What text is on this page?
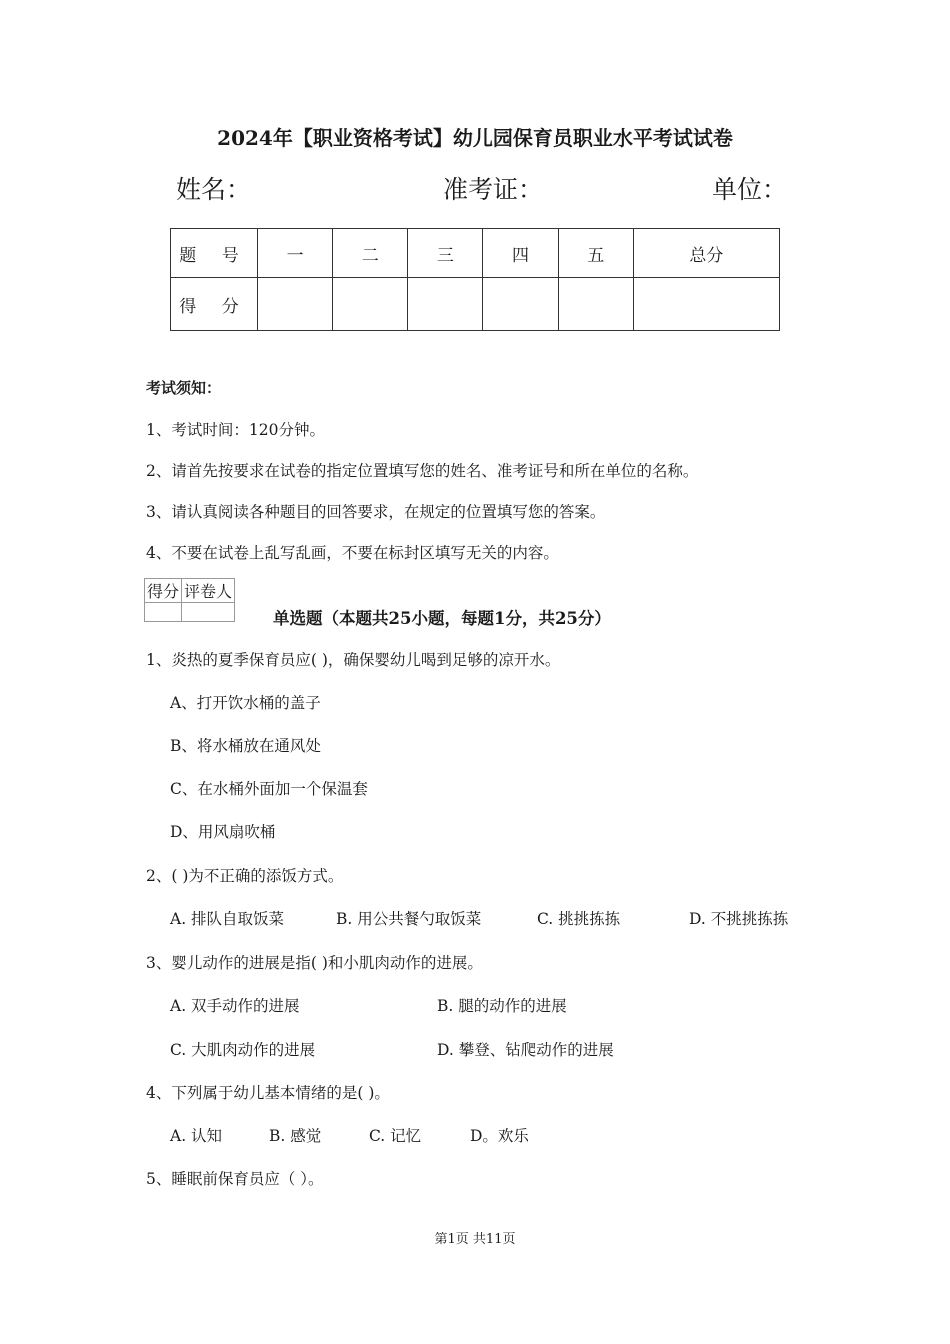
2024年【职业资格考试】幼儿园保育员职业水平考试试卷
姓名：	准考证：	单位：
题 号	一	二	三	四	五	总分
得 分						
考试须知：
1、考试时间：120分钟。
2、请首先按要求在试卷的指定位置填写您的姓名、准考证号和所在单位的名称。
3、请认真阅读各种题目的回答要求，在规定的位置填写您的答案。
4、不要在试卷上乱写乱画，不要在标封区填写无关的内容。
得分	评卷人

单选题（本题共25小题，每题1分，共25分）
1、炎热的夏季保育员应( )，确保婴幼儿喝到足够的凉开水。
A、打开饮水桶的盖子
B、将水桶放在通风处
C、在水桶外面加一个保温套
D、用风扇吹桶
2、( )为不正确的添饭方式。
A. 排队自取饭菜	B. 用公共餐勺取饭菜	C. 挑挑拣拣	D. 不挑挑拣拣
3、婴儿动作的进展是指( )和小肌肉动作的进展。
A. 双手动作的进展	B. 腿的动作的进展
C. 大肌肉动作的进展	D. 攀登、钻爬动作的进展
4、下列属于幼儿基本情绪的是( )。
A. 认知	B. 感觉	C. 记忆	D。欢乐
5、睡眠前保育员应（ ）。
第1页 共11页
